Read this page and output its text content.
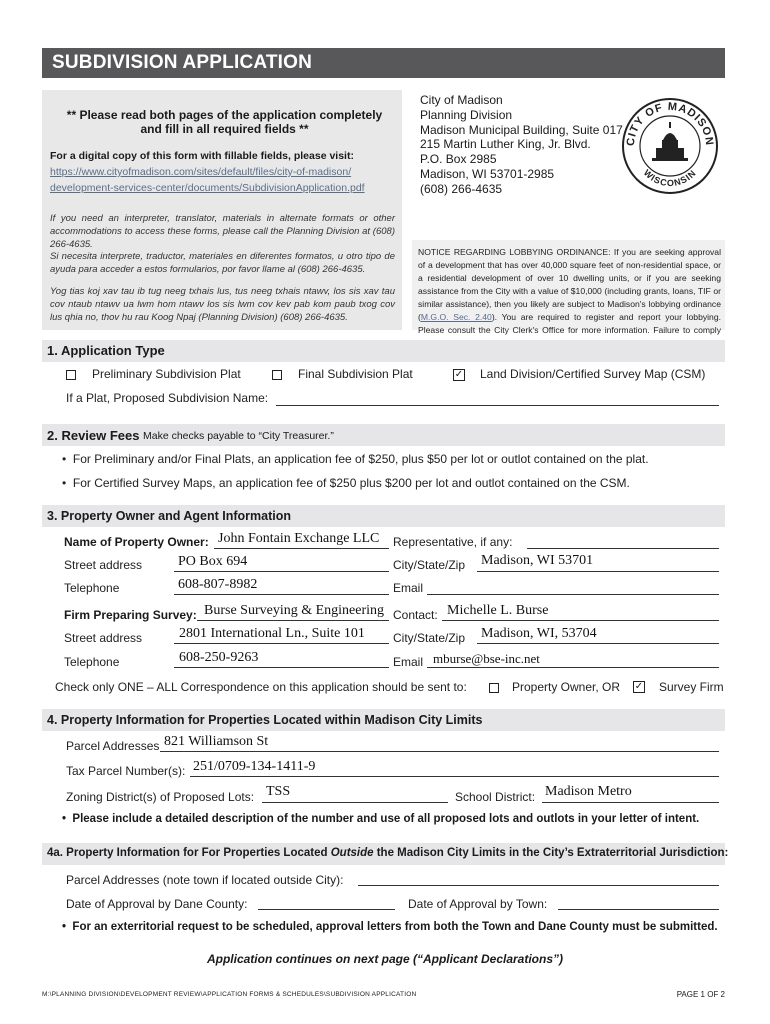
SUBDIVISION APPLICATION
** Please read both pages of the application completely and fill in all required fields **
For a digital copy of this form with fillable fields, please visit:
https://www.cityofmadison.com/sites/default/files/city-of-madison/
development-services-center/documents/SubdivisionApplication.pdf
If you need an interpreter, translator, materials in alternate formats or other accommodations to access these forms, please call the Planning Division at (608) 266-4635.
Si necesita interprete, traductor, materiales en diferentes formatos, u otro tipo de ayuda para acceder a estos formularios, por favor llame al (608) 266-4635.
Yog tias koj xav tau ib tug neeg txhais lus, tus neeg txhais ntawv, los sis xav tau cov ntaub ntawv ua lwm hom ntawv los sis lwm cov kev pab kom paub txog cov lus qhia no, thov hu rau Koog Npaj (Planning Division) (608) 266-4635.
City of Madison
Planning Division
Madison Municipal Building, Suite 017
215 Martin Luther King, Jr. Blvd.
P.O. Box 2985
Madison, WI 53701-2985
(608) 266-4635
CITY OF MADISON
WISCONSIN
NOTICE REGARDING LOBBYING ORDINANCE: If you are seeking approval of a development that has over 40,000 square feet of non-residential space, or a residential development of over 10 dwelling units, or if you are seeking assistance from the City with a value of $10,000 (including grants, loans, TIF or similar assistance), then you likely are subject to Madison's lobbying ordinance (M.G.O. Sec. 2.40). You are required to register and report your lobbying. Please consult the City Clerk's Office for more information. Failure to comply
1. Application Type
Preliminary Subdivision Plat	Final Subdivision Plat	✓ Land Division/Certified Survey Map (CSM)
If a Plat, Proposed Subdivision Name:
2. Review Fees Make checks payable to “City Treasurer.”
•  For Preliminary and/or Final Plats, an application fee of $250, plus $50 per lot or outlot contained on the plat.
•  For Certified Survey Maps, an application fee of $250 plus $200 per lot and outlot contained on the CSM.
3. Property Owner and Agent Information
Name of Property Owner: John Fontain Exchange LLC Representative, if any:
Street address	PO Box 694	City/State/Zip Madison, WI 53701
Telephone	608-807-8982	Email
Firm Preparing Survey: Burse Surveying & Engineering Contact: Michelle L. Burse
Street address	2801 International Ln., Suite 101 City/State/Zip Madison, WI, 53704
Telephone	608-250-9263	Email mburse@bse-inc.net
Check only ONE – ALL Correspondence on this application should be sent to:	Property Owner, OR ✓ Survey Firm
4. Property Information for Properties Located within Madison City Limits
Parcel Addresses 821 Williamson St
Tax Parcel Number(s): 251/0709-134-1411-9
Zoning District(s) of Proposed Lots: TSS	School District: Madison Metro
•  Please include a detailed description of the number and use of all proposed lots and outlots in your letter of intent.
4a. Property Information for For Properties Located Outside the Madison City Limits in the City’s Extraterritorial Jurisdiction:
Parcel Addresses (note town if located outside City):
Date of Approval by Dane County:	Date of Approval by Town:
•  For an exterritorial request to be scheduled, approval letters from both the Town and Dane County must be submitted.
Application continues on next page (“Applicant Declarations”)
M:\PLANNING DIVISION\DEVELOPMENT REVIEW\APPLICATION FORMS & SCHEDULES\SUBDIVISION APPLICATION	PAGE 1 OF 2
